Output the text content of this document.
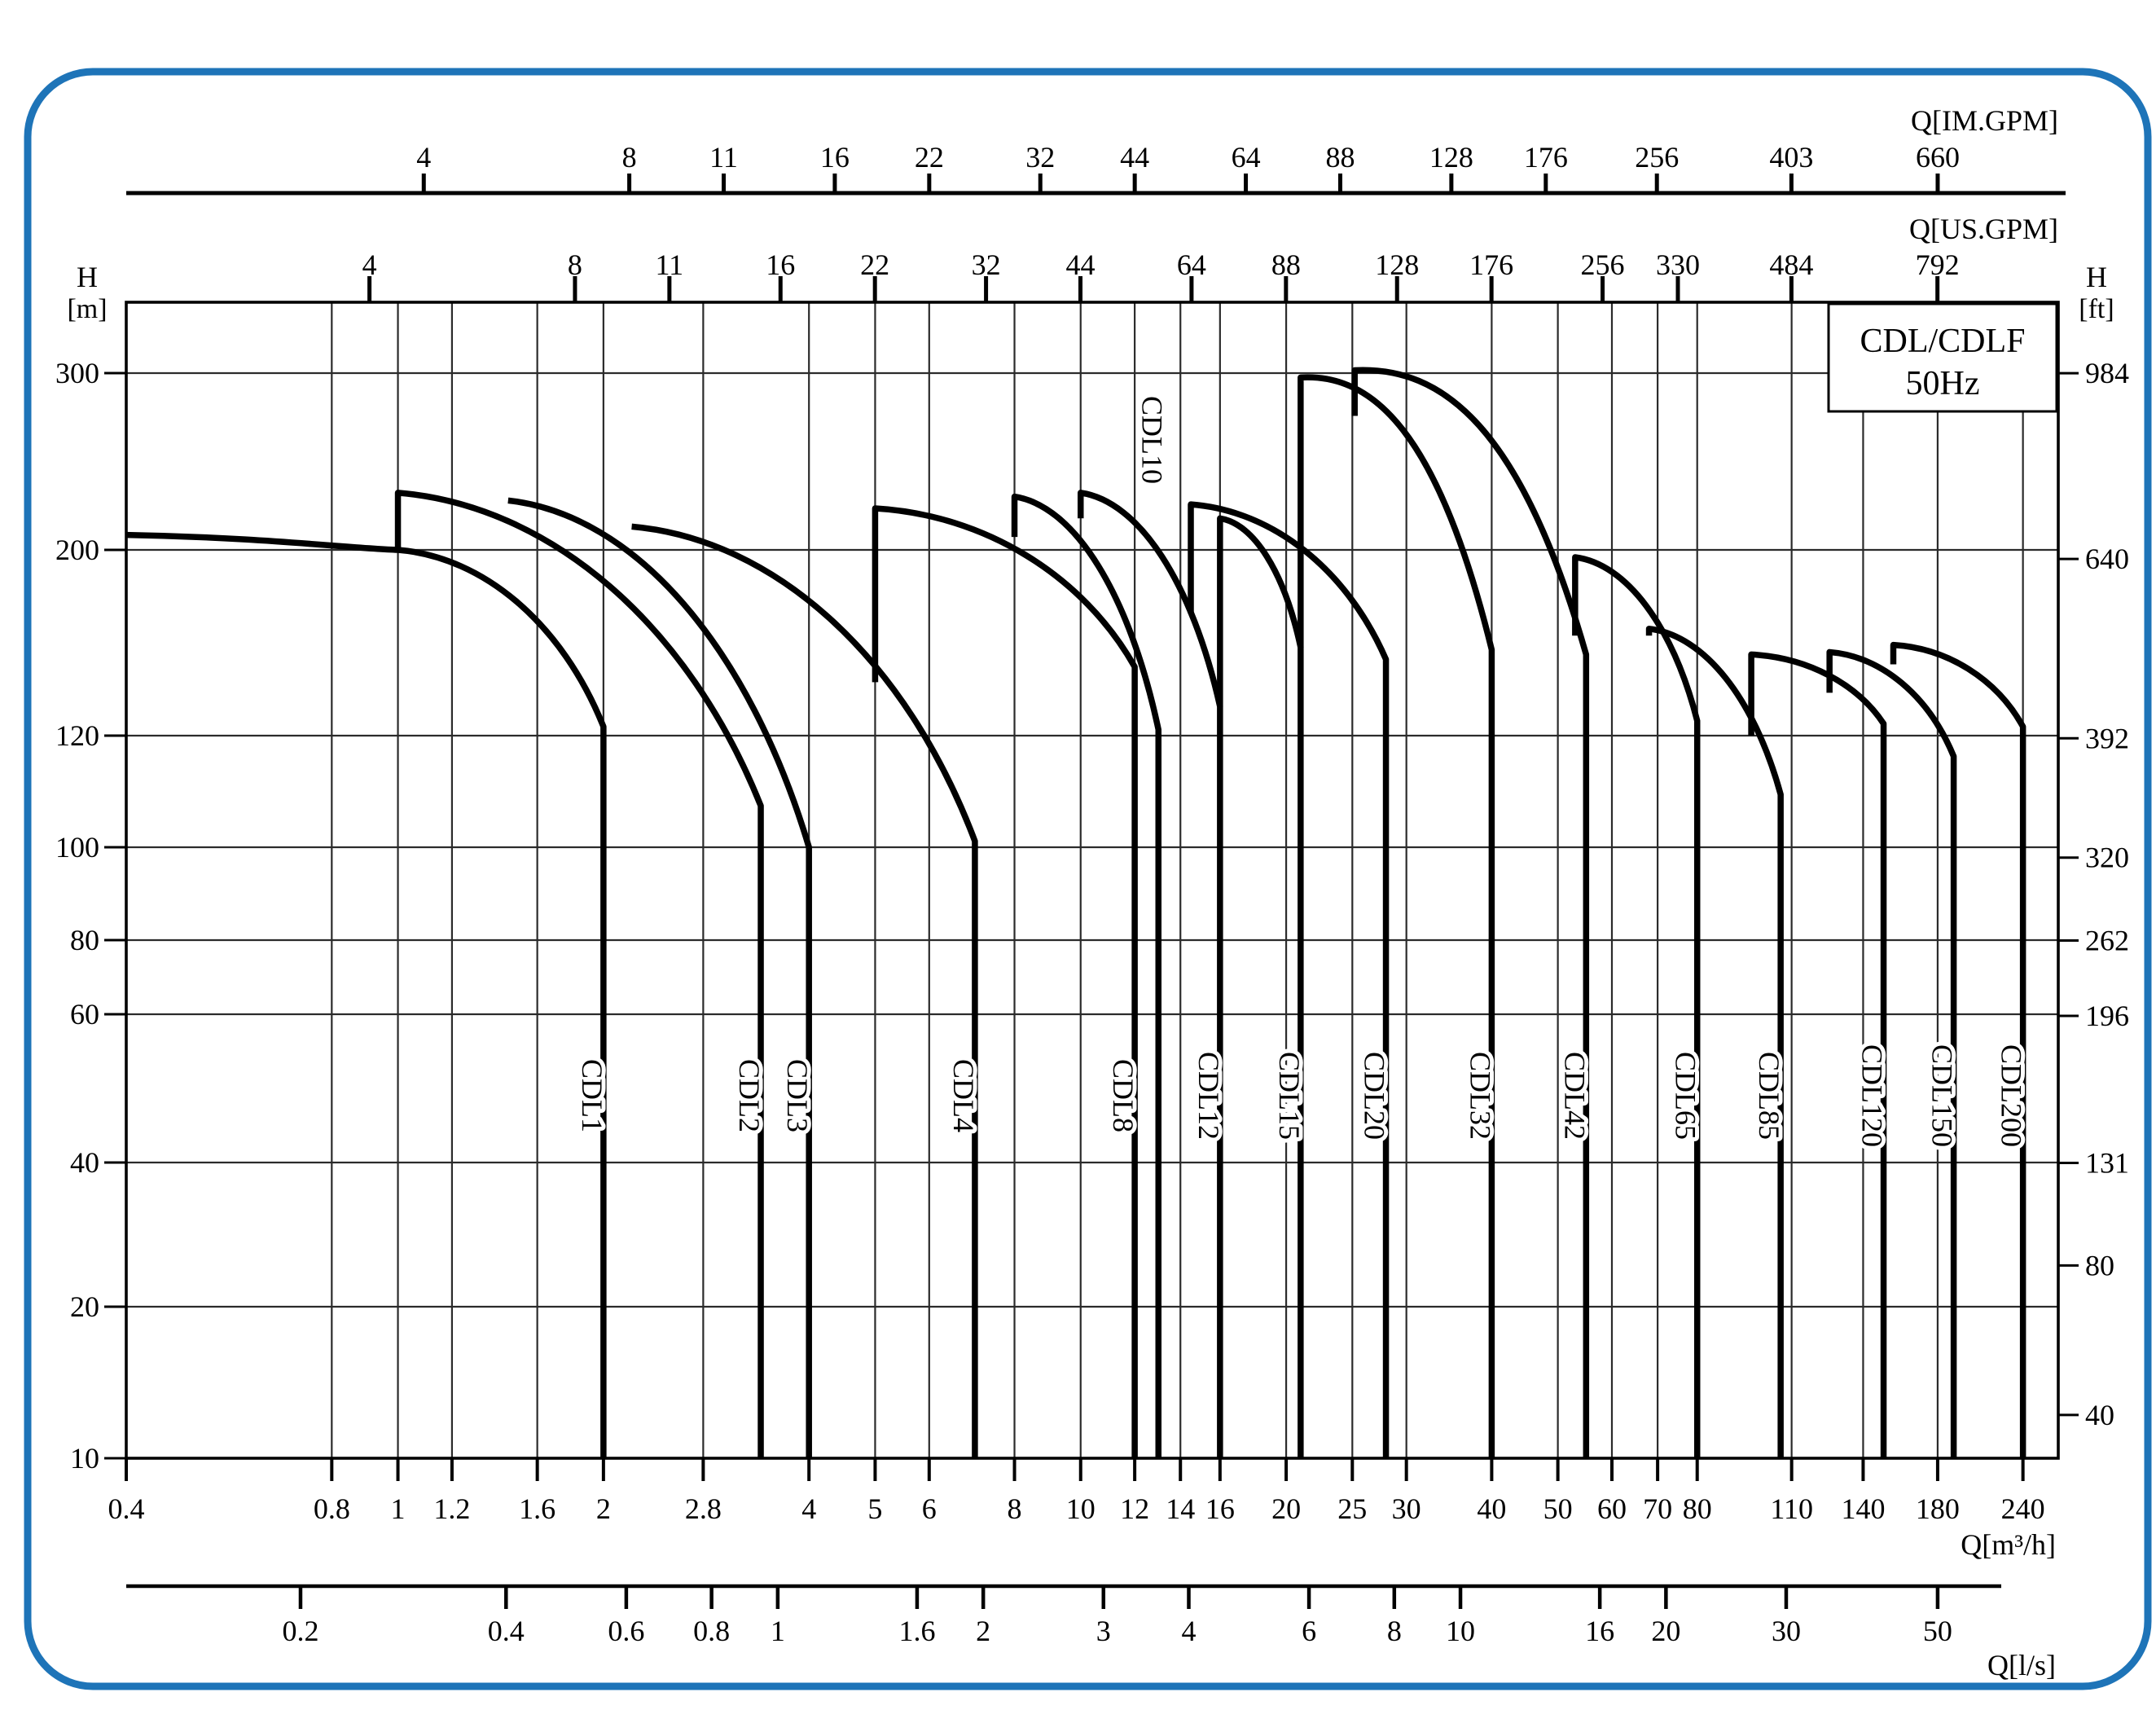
4	8 11	16 22	32 44	64 88	128 176 256	403	660
Q[IM.GPM]
4	8 11	16 22	32 44	64 88	128 176 256 330 484	792
Q[US.GPM]
10
20
40
60
80
100
120
200
300
H
[m]
40
80
131
196
262
320
392
640
984
H
[ft]
0.4	0.8 1 1.2 1.6 2	2.8	4 5 6 8 10 12 14 16 20 25 30 40 50 60 70 80 110 140 180 240
Q[m³/h]
0.2	0.4	0.6 0.8 1	1.6 2	3 4	6 8 10	16 20	30	50
Q[l/s]
CDL/CDLF
50Hz
CDL1	CDL2 CDL3	CDL4	CDL8
CDL10
CDL12 CDL15 CDL20 CDL32 CDL42	CDL65 CDL85 CDL120 CDL150 CDL200
